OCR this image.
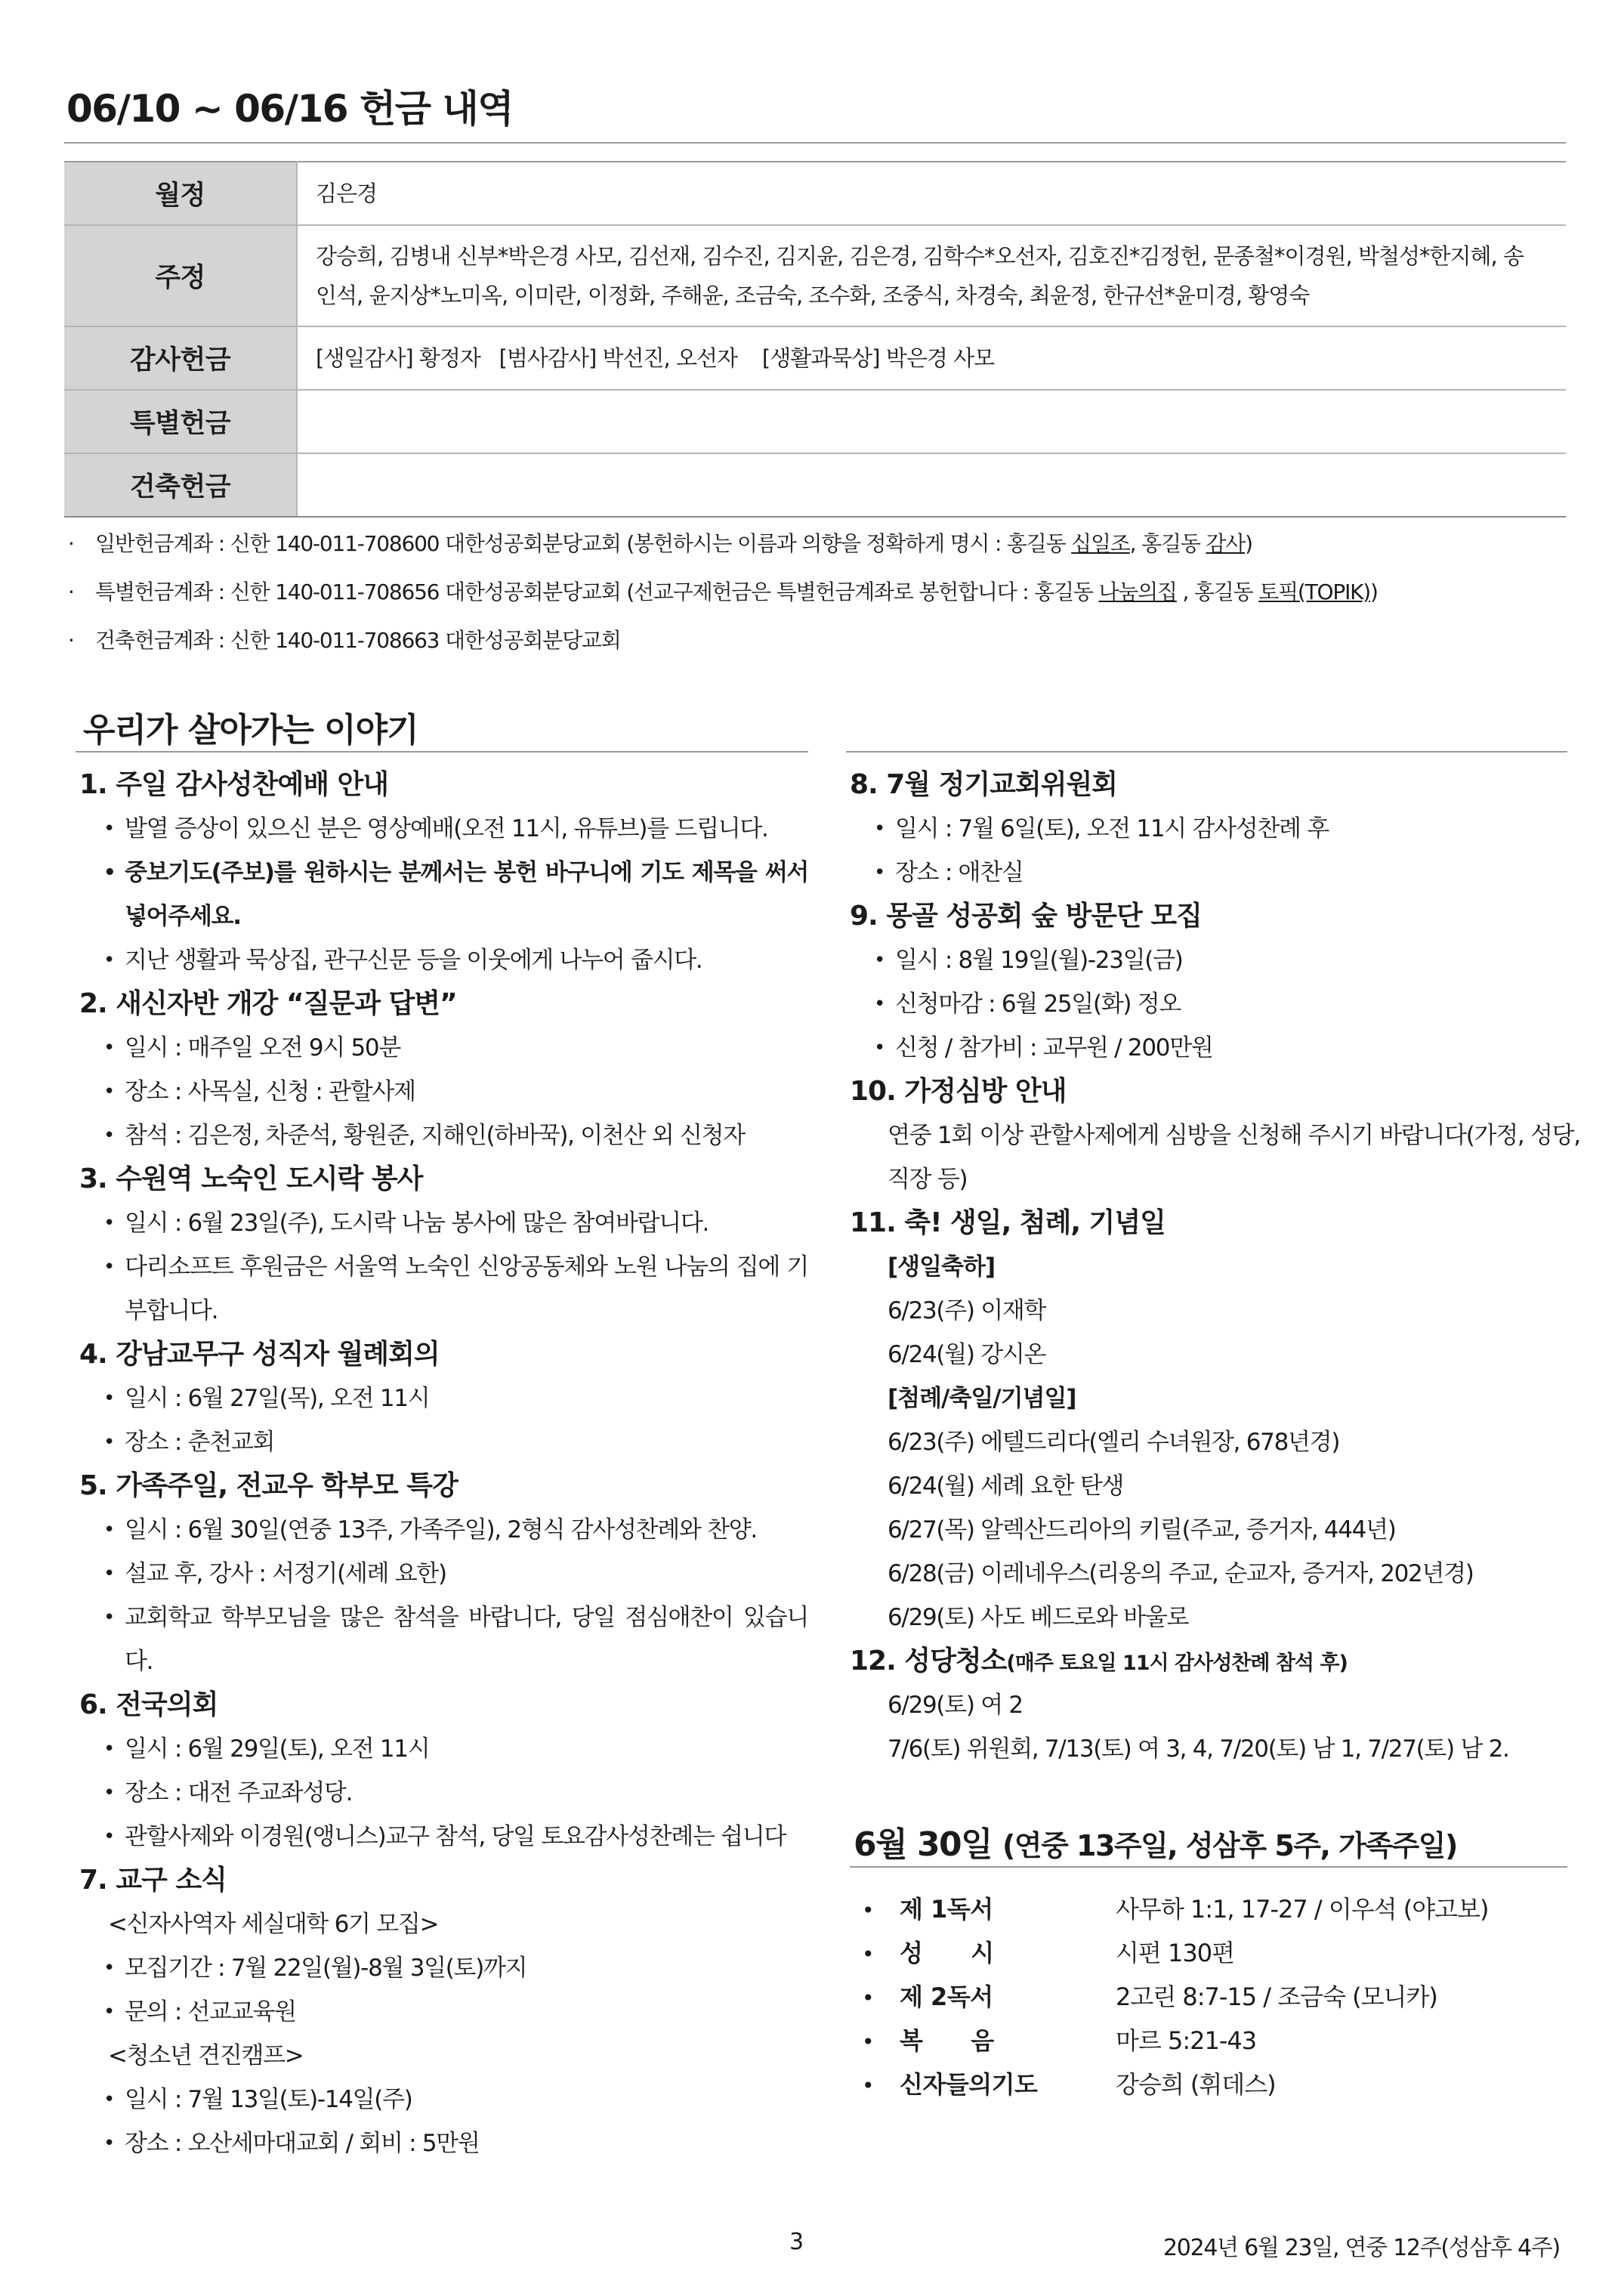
06/10 ~ 06/16 헌금 내역
월정	김은경
주정	강승희, 김병내 신부*박은경 사모, 김선재, 김수진, 김지윤, 김은경, 김학수*오선자, 김호진*김정헌, 문종철*이경원, 박철성*한지혜, 송인석, 윤지상*노미옥, 이미란, 이정화, 주해윤, 조금숙, 조수화, 조중식, 차경숙, 최윤정, 한규선*윤미경, 황영숙
감사헌금	[생일감사] 황정자 [범사감사] 박선진, 오선자 [생활과묵상] 박은경 사모
특별헌금	
건축헌금	
· 일반헌금계좌 : 신한 140-011-708600 대한성공회분당교회 (봉헌하시는 이름과 의향을 정확하게 명시 : 홍길동 십일조, 홍길동 감사)
· 특별헌금계좌 : 신한 140-011-708656 대한성공회분당교회 (선교구제헌금은 특별헌금계좌로 봉헌합니다 : 홍길동 나눔의집 , 홍길동 토픽(TOPIK))
· 건축헌금계좌 : 신한 140-011-708663 대한성공회분당교회
우리가 살아가는 이야기
1. 주일 감사성찬예배 안내
• 발열 증상이 있으신 분은 영상예배(오전 11시, 유튜브)를 드립니다.
• 중보기도(주보)를 원하시는 분께서는 봉헌 바구니에 기도 제목을 써서 넣어주세요.
• 지난 생활과 묵상집, 관구신문 등을 이웃에게 나누어 줍시다.
2. 새신자반 개강 “질문과 답변”
• 일시 : 매주일 오전 9시 50분
• 장소 : 사목실, 신청 : 관할사제
• 참석 : 김은정, 차준석, 황원준, 지해인(하바꾹), 이천산 외 신청자
3. 수원역 노숙인 도시락 봉사
• 일시 : 6월 23일(주), 도시락 나눔 봉사에 많은 참여바랍니다.
• 다리소프트 후원금은 서울역 노숙인 신앙공동체와 노원 나눔의 집에 기부합니다.
4. 강남교무구 성직자 월례회의
• 일시 : 6월 27일(목), 오전 11시
• 장소 : 춘천교회
5. 가족주일, 전교우 학부모 특강
• 일시 : 6월 30일(연중 13주, 가족주일), 2형식 감사성찬례와 찬양.
• 설교 후, 강사 : 서정기(세례 요한)
• 교회학교 학부모님을 많은 참석을 바랍니다, 당일 점심애찬이 있습니다.
6. 전국의회
• 일시 : 6월 29일(토), 오전 11시
• 장소 : 대전 주교좌성당.
• 관할사제와 이경원(앵니스)교구 참석, 당일 토요감사성찬례는 쉽니다
7. 교구 소식
<신자사역자 세실대학 6기 모집>
• 모집기간 : 7월 22일(월)-8월 3일(토)까지
• 문의 : 선교교육원
<청소년 견진캠프>
• 일시 : 7월 13일(토)-14일(주)
• 장소 : 오산세마대교회 / 회비 : 5만원
8. 7월 정기교회위원회
• 일시 : 7월 6일(토), 오전 11시 감사성찬례 후
• 장소 : 애찬실
9. 몽골 성공회 숲 방문단 모집
• 일시 : 8월 19일(월)-23일(금)
• 신청마감 : 6월 25일(화) 정오
• 신청 / 참가비 : 교무원 / 200만원
10. 가정심방 안내
연중 1회 이상 관할사제에게 심방을 신청해 주시기 바랍니다(가정, 성당,
직장 등)
11. 축! 생일, 첨례, 기념일
[생일축하]
6/23(주) 이재학
6/24(월) 강시온
[첨례/축일/기념일]
6/23(주) 에텔드리다(엘리 수녀원장, 678년경)
6/24(월) 세례 요한 탄생
6/27(목) 알렉산드리아의 키릴(주교, 증거자, 444년)
6/28(금) 이레네우스(리옹의 주교, 순교자, 증거자, 202년경)
6/29(토) 사도 베드로와 바울로
12. 성당청소(매주 토요일 11시 감사성찬례 참석 후)
6/29(토) 여 2
7/6(토) 위원회, 7/13(토) 여 3, 4, 7/20(토) 남 1, 7/27(토) 남 2.
6월 30일 (연중 13주일, 성삼후 5주, 가족주일)
• 제 1독서	사무하 1:1, 17-27 / 이우석 (야고보)
• 성      시	시편 130편
• 제 2독서	2고린 8:7-15 / 조금숙 (모니카)
• 복      음	마르 5:21-43
• 신자들의기도	강승희 (휘데스)
3	2024년 6월 23일, 연중 12주(성삼후 4주)
